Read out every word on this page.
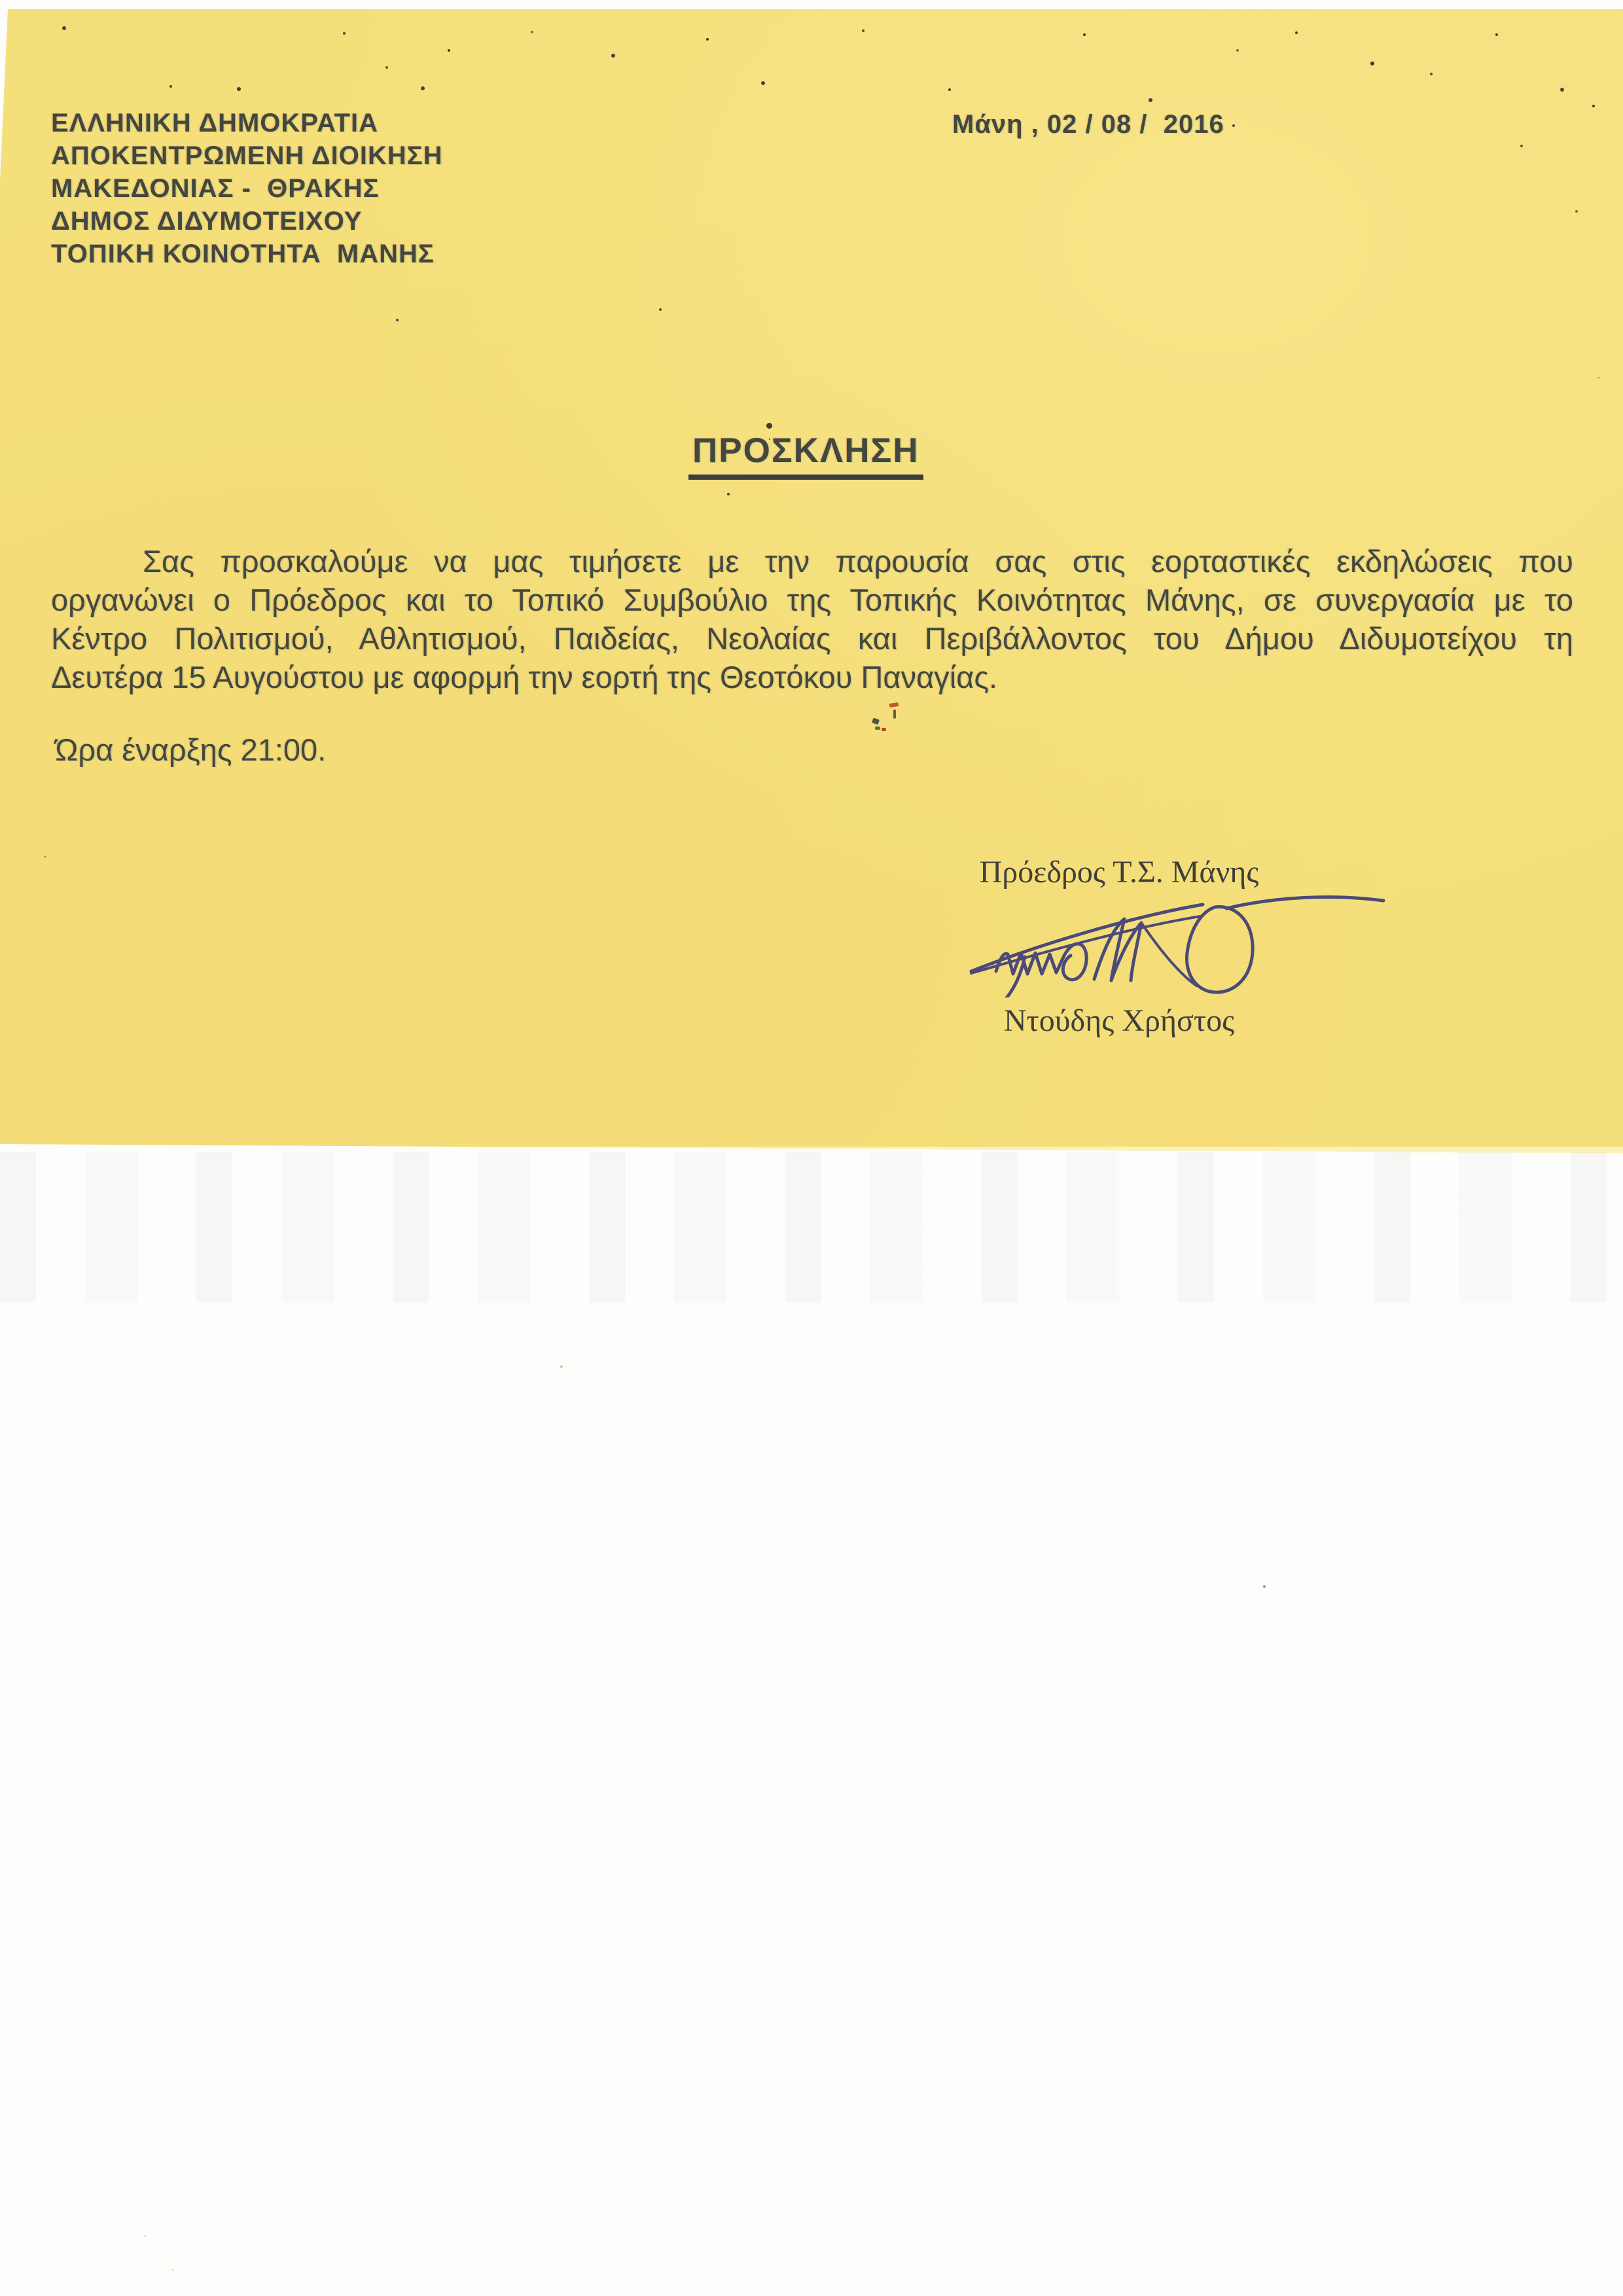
ΕΛΛΗΝΙΚΗ ΔΗΜΟΚΡΑΤΙΑ
ΑΠΟΚΕΝΤΡΩΜΕΝΗ ΔΙΟΙΚΗΣΗ
ΜΑΚΕΔΟΝΙΑΣ -  ΘΡΑΚΗΣ
ΔΗΜΟΣ ΔΙΔΥΜΟΤΕΙΧΟΥ
ΤΟΠΙΚΗ ΚΟΙΝΟΤΗΤΑ  ΜΑΝΗΣ
Μάνη , 02 / 08 /  2016
ΠΡΟΣΚΛΗΣΗ
Σας προσκαλούμε να μας τιμήσετε με την παρουσία σας στις εορταστικές εκδηλώσεις που
οργανώνει ο Πρόεδρος και το Τοπικό Συμβούλιο της Τοπικής Κοινότητας Μάνης, σε συνεργασία με το
Κέντρο Πολιτισμού, Αθλητισμού, Παιδείας, Νεολαίας και Περιβάλλοντος του Δήμου Διδυμοτείχου τη
Δευτέρα 15 Αυγούστου με αφορμή την εορτή της Θεοτόκου Παναγίας.
Ώρα έναρξης 21:00.
Πρόεδρος Τ.Σ. Μάνης
Ντούδης Χρήστος
